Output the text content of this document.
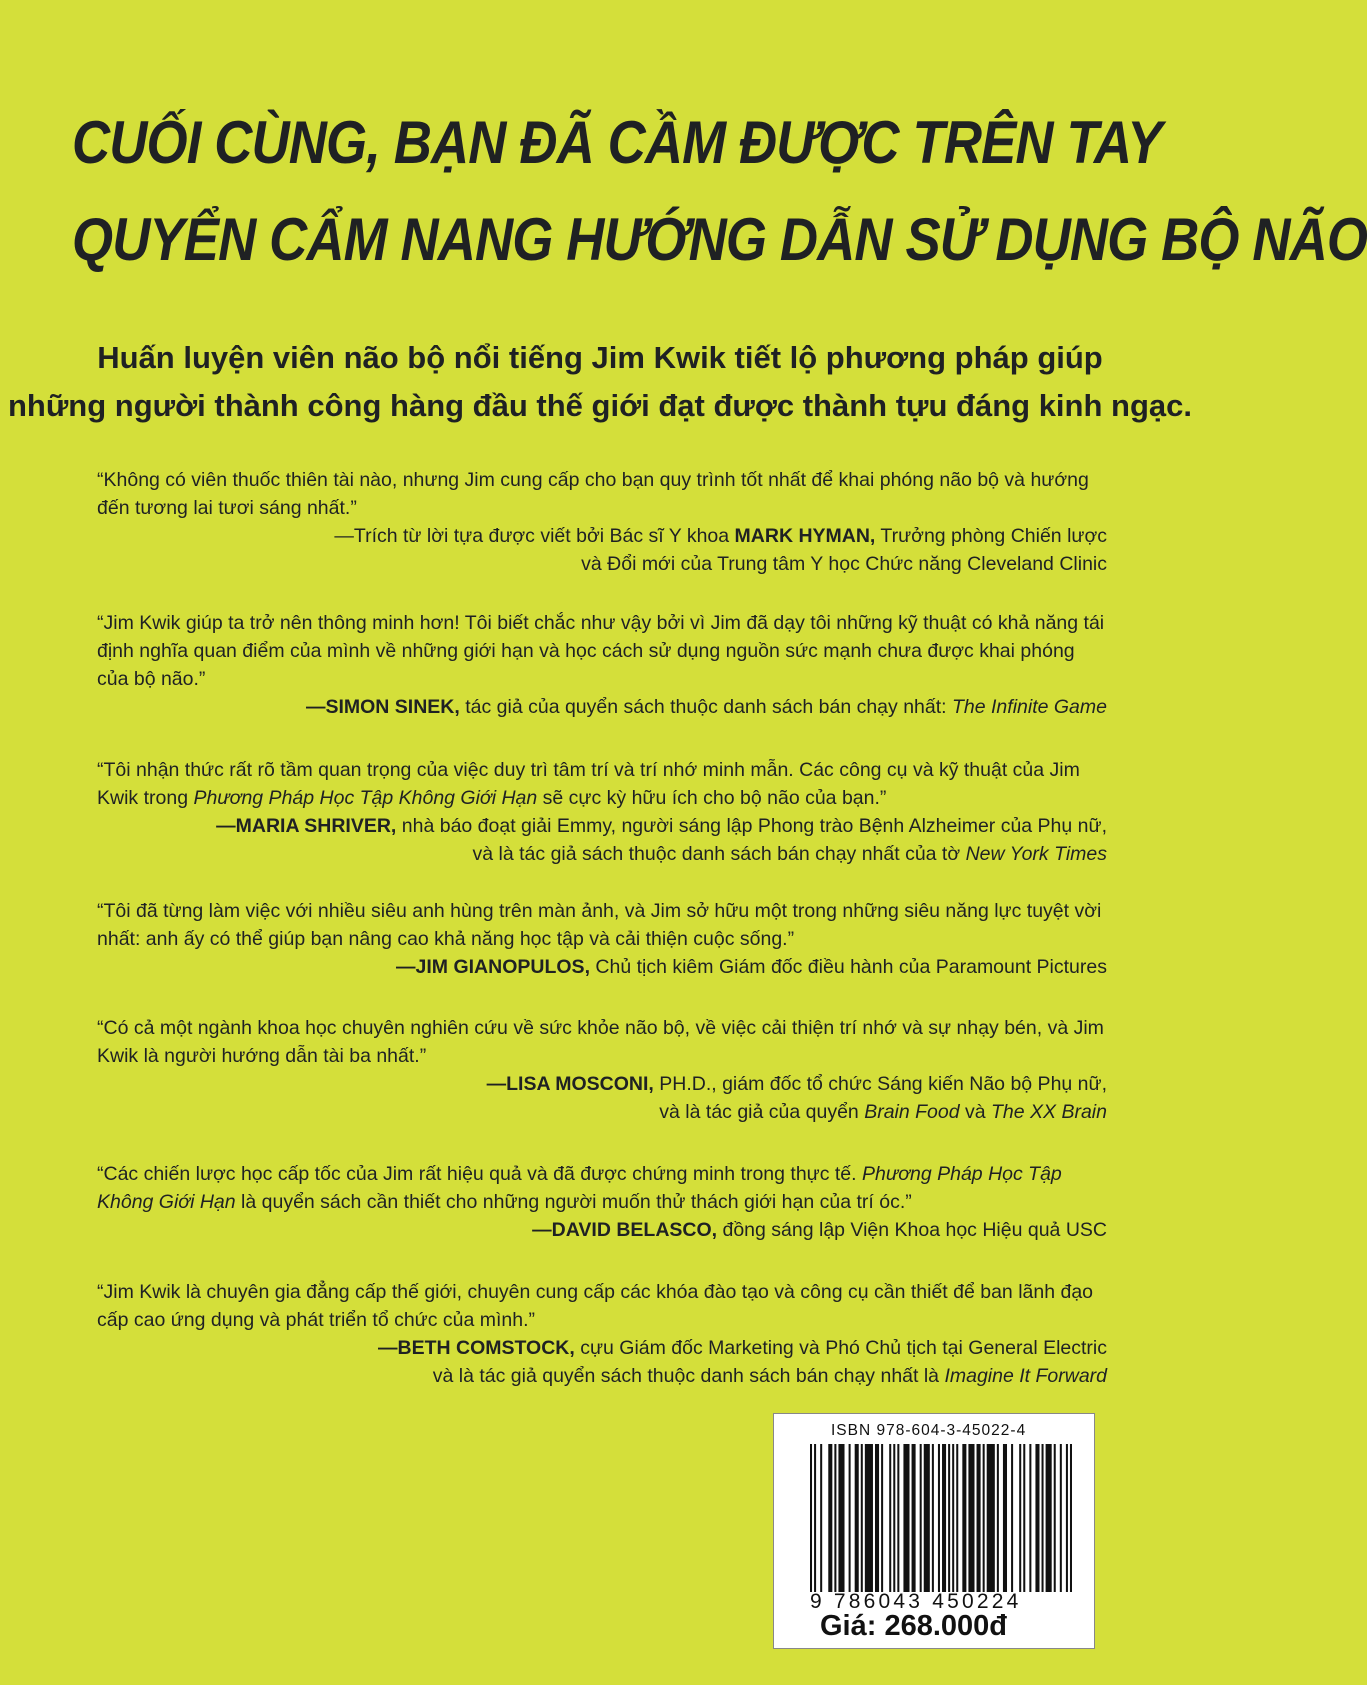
CUỐI CÙNG, BẠN ĐÃ CẦM ĐƯỢC TRÊN TAY
QUYỂN CẨM NANG HƯỚNG DẪN SỬ DỤNG BỘ NÃO
Huấn luyện viên não bộ nổi tiếng Jim Kwik tiết lộ phương pháp giúp
những người thành công hàng đầu thế giới đạt được thành tựu đáng kinh ngạc.

“Không có viên thuốc thiên tài nào, nhưng Jim cung cấp cho bạn quy trình tốt nhất để khai phóng não bộ và hướng đến tương lai tươi sáng nhất.”

—Trích từ lời tựa được viết bởi Bác sĩ Y khoa MARK HYMAN, Trưởng phòng Chiến lược

và Đổi mới của Trung tâm Y học Chức năng Cleveland Clinic

“Jim Kwik giúp ta trở nên thông minh hơn! Tôi biết chắc như vậy bởi vì Jim đã dạy tôi những kỹ thuật có khả năng tái định nghĩa quan điểm của mình về những giới hạn và học cách sử dụng nguồn sức mạnh chưa được khai phóng của bộ não.”

—SIMON SINEK, tác giả của quyển sách thuộc danh sách bán chạy nhất: The Infinite Game

“Tôi nhận thức rất rõ tầm quan trọng của việc duy trì tâm trí và trí nhớ minh mẫn. Các công cụ và kỹ thuật của Jim Kwik trong Phương Pháp Học Tập Không Giới Hạn sẽ cực kỳ hữu ích cho bộ não của bạn.”

—MARIA SHRIVER, nhà báo đoạt giải Emmy, người sáng lập Phong trào Bệnh Alzheimer của Phụ nữ,

và là tác giả sách thuộc danh sách bán chạy nhất của tờ New York Times

“Tôi đã từng làm việc với nhiều siêu anh hùng trên màn ảnh, và Jim sở hữu một trong những siêu năng lực tuyệt vời nhất: anh ấy có thể giúp bạn nâng cao khả năng học tập và cải thiện cuộc sống.”

—JIM GIANOPULOS, Chủ tịch kiêm Giám đốc điều hành của Paramount Pictures

“Có cả một ngành khoa học chuyên nghiên cứu về sức khỏe não bộ, về việc cải thiện trí nhớ và sự nhạy bén, và Jim Kwik là người hướng dẫn tài ba nhất.”

—LISA MOSCONI, PH.D., giám đốc tổ chức Sáng kiến Não bộ Phụ nữ,

và là tác giả của quyển Brain Food và The XX Brain

“Các chiến lược học cấp tốc của Jim rất hiệu quả và đã được chứng minh trong thực tế. Phương Pháp Học Tập Không Giới Hạn là quyển sách cần thiết cho những người muốn thử thách giới hạn của trí óc.”

—DAVID BELASCO, đồng sáng lập Viện Khoa học Hiệu quả USC

“Jim Kwik là chuyên gia đẳng cấp thế giới, chuyên cung cấp các khóa đào tạo và công cụ cần thiết để ban lãnh đạo cấp cao ứng dụng và phát triển tổ chức của mình.”

—BETH COMSTOCK, cựu Giám đốc Marketing và Phó Chủ tịch tại General Electric

và là tác giả quyển sách thuộc danh sách bán chạy nhất là Imagine It Forward

ISBN 978-604-3-45022-4
9 786043 450224
Giá: 268.000đ
